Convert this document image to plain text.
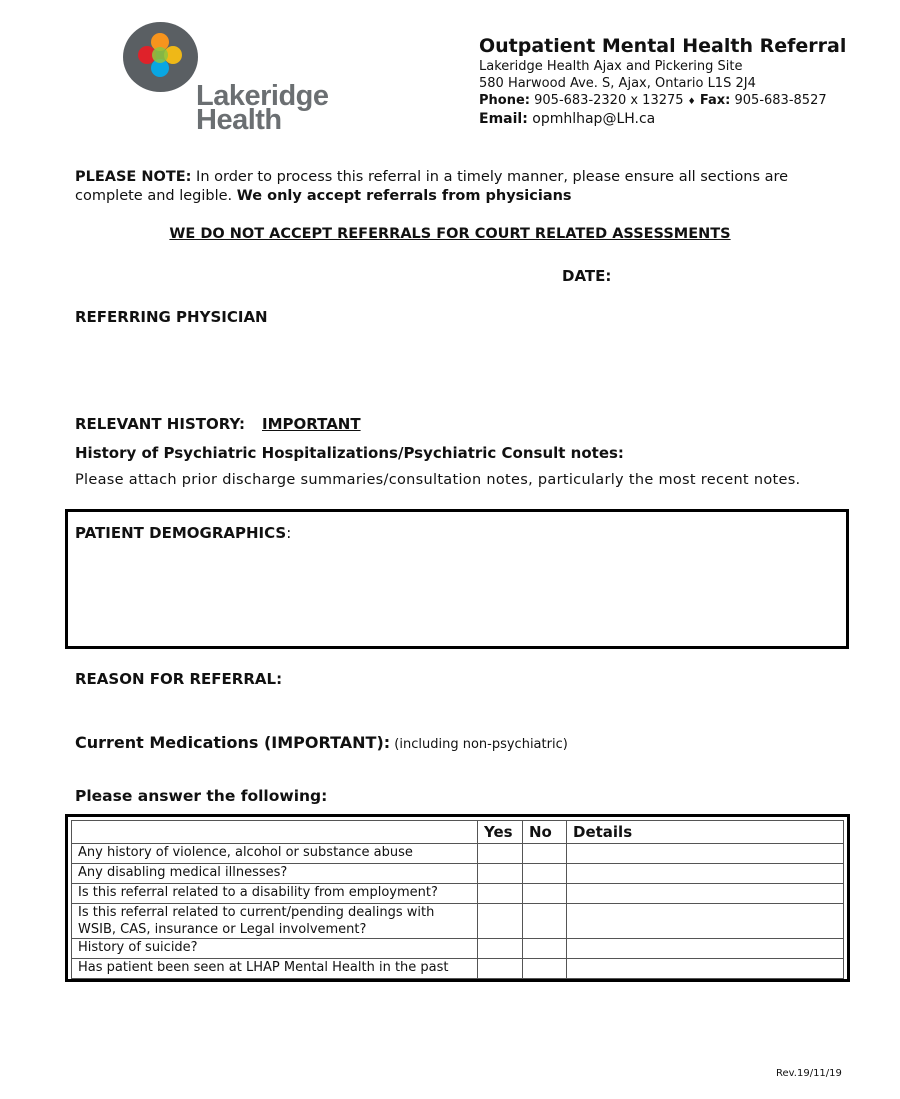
Lakeridge
Health
Outpatient Mental Health Referral
Lakeridge Health Ajax and Pickering Site
580 Harwood Ave. S, Ajax, Ontario L1S 2J4
Phone: 905-683-2320 x 13275 ♦ Fax: 905-683-8527
Email: opmhlhap@LH.ca
PLEASE NOTE: In order to process this referral in a timely manner, please ensure all sections are complete and legible. We only accept referrals from physicians
WE DO NOT ACCEPT REFERRALS FOR COURT RELATED ASSESSMENTS
DATE:
REFERRING PHYSICIAN
RELEVANT HISTORY: IMPORTANT
History of Psychiatric Hospitalizations/Psychiatric Consult notes:
Please attach prior discharge summaries/consultation notes, particularly the most recent notes.
PATIENT DEMOGRAPHICS:
REASON FOR REFERRAL:
Current Medications (IMPORTANT): (including non-psychiatric)
Please answer the following:
	Yes	No	Details
Any history of violence, alcohol or substance abuse			
Any disabling medical illnesses?			
Is this referral related to a disability from employment?			
Is this referral related to current/pending dealings with WSIB, CAS, insurance or Legal involvement?			
History of suicide?			
Has patient been seen at LHAP Mental Health in the past			
Rev.19/11/19
